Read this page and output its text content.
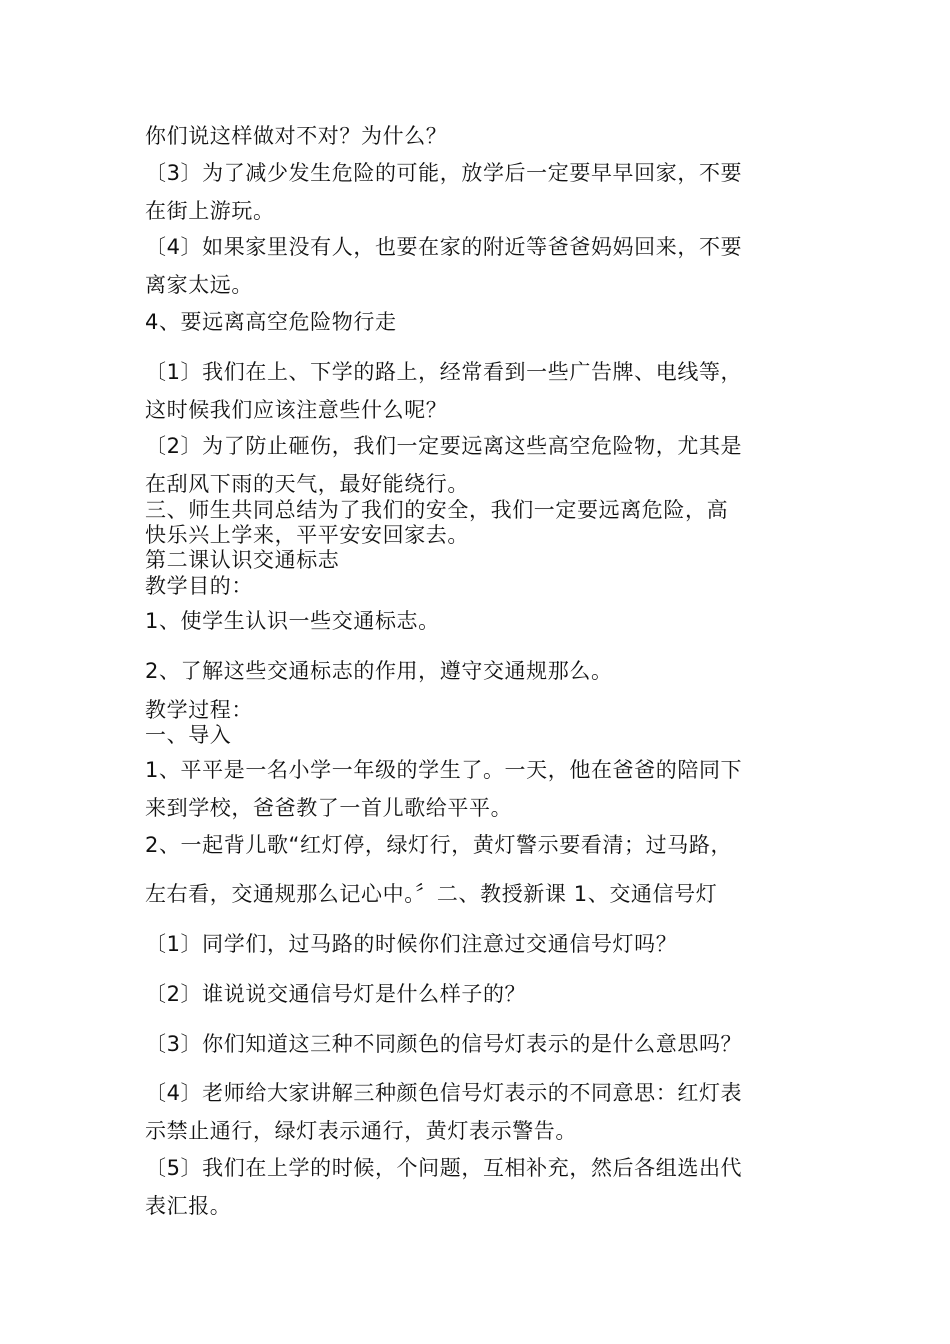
你们说这样做对不对？为什么？
〔3〕为了减少发生危险的可能，放学后一定要早早回家，不要
在街上游玩。
〔4〕如果家里没有人，也要在家的附近等爸爸妈妈回来，不要
离家太远。
4、要远离高空危险物行走
〔1〕我们在上、下学的路上，经常看到一些广告牌、电线等，
这时候我们应该注意些什么呢？
〔2〕为了防止砸伤，我们一定要远离这些高空危险物，尤其是
在刮风下雨的天气，最好能绕行。
三、师生共同总结为了我们的安全，我们一定要远离危险，高
快乐兴上学来，平平安安回家去。
第二课认识交通标志
教学目的：
1、使学生认识一些交通标志。
2、了解这些交通标志的作用，遵守交通规那么。
教学过程：
一、导入
1、平平是一名小学一年级的学生了。一天，他在爸爸的陪同下
来到学校，爸爸教了一首儿歌给平平。
2、一起背儿歌“红灯停，绿灯行，黄灯警示要看清；过马路，
左右看，交通规那么记心中。〞二、教授新课 1、交通信号灯
〔1〕同学们，过马路的时候你们注意过交通信号灯吗？
〔2〕谁说说交通信号灯是什么样子的？
〔3〕你们知道这三种不同颜色的信号灯表示的是什么意思吗？
〔4〕老师给大家讲解三种颜色信号灯表示的不同意思：红灯表
示禁止通行，绿灯表示通行，黄灯表示警告。
〔5〕我们在上学的时候，个问题，互相补充，然后各组选出代
表汇报。
